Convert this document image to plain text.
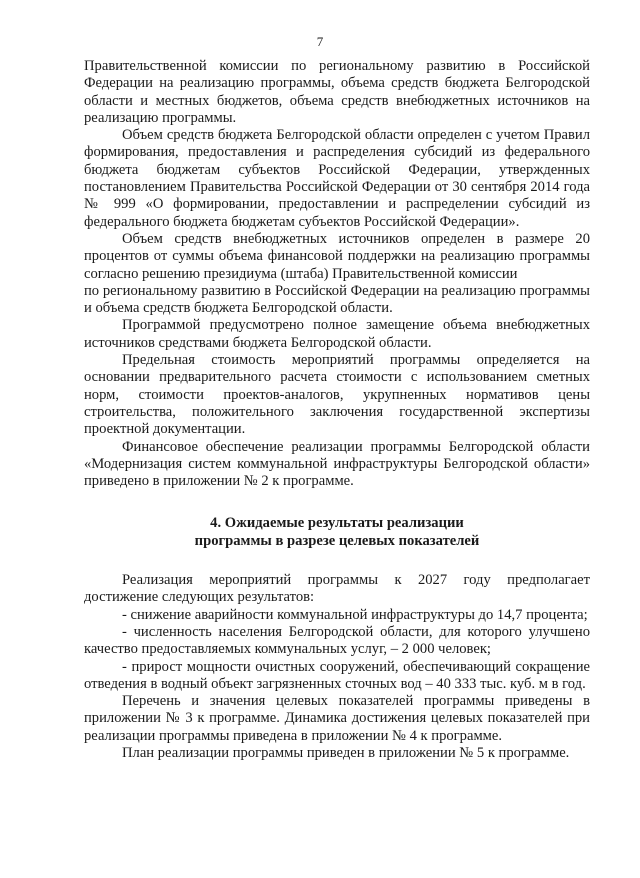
7

Правительственной комиссии по региональному развитию в Российской Федерации на реализацию программы, объема средств бюджета Белгородской области и местных бюджетов, объема средств внебюджетных источников на реализацию программы.

Объем средств бюджета Белгородской области определен с учетом Правил формирования, предоставления и распределения субсидий из федерального бюджета бюджетам субъектов Российской Федерации, утвержденных постановлением Правительства Российской Федерации от 30 сентября 2014 года № 999 «О формировании, предоставлении и распределении субсидий из федерального бюджета бюджетам субъектов Российской Федерации».

Объем средств внебюджетных источников определен в размере 20 процентов от суммы объема финансовой поддержки на реализацию программы согласно решению президиума (штаба) Правительственной комиссии

по региональному развитию в Российской Федерации на реализацию программы и объема средств бюджета Белгородской области.

Программой предусмотрено полное замещение объема внебюджетных источников средствами бюджета Белгородской области.

Предельная стоимость мероприятий программы определяется на основании предварительного расчета стоимости с использованием сметных норм, стоимости проектов-аналогов, укрупненных нормативов цены строительства, положительного заключения государственной экспертизы проектной документации.

Финансовое обеспечение реализации программы Белгородской области «Модернизация систем коммунальной инфраструктуры Белгородской области» приведено в приложении № 2 к программе.

4. Ожидаемые результаты реализации
программы в разрезе целевых показателей

Реализация мероприятий программы к 2027 году предполагает достижение следующих результатов:

- снижение аварийности коммунальной инфраструктуры до 14,7 процента;

- численность населения Белгородской области, для которого улучшено качество предоставляемых коммунальных услуг, – 2 000 человек;

- прирост мощности очистных сооружений, обеспечивающий сокращение отведения в водный объект загрязненных сточных вод – 40 333 тыс. куб. м в год.

Перечень и значения целевых показателей программы приведены в приложении № 3 к программе. Динамика достижения целевых показателей при реализации программы приведена в приложении № 4 к программе.

План реализации программы приведен в приложении № 5 к программе.
